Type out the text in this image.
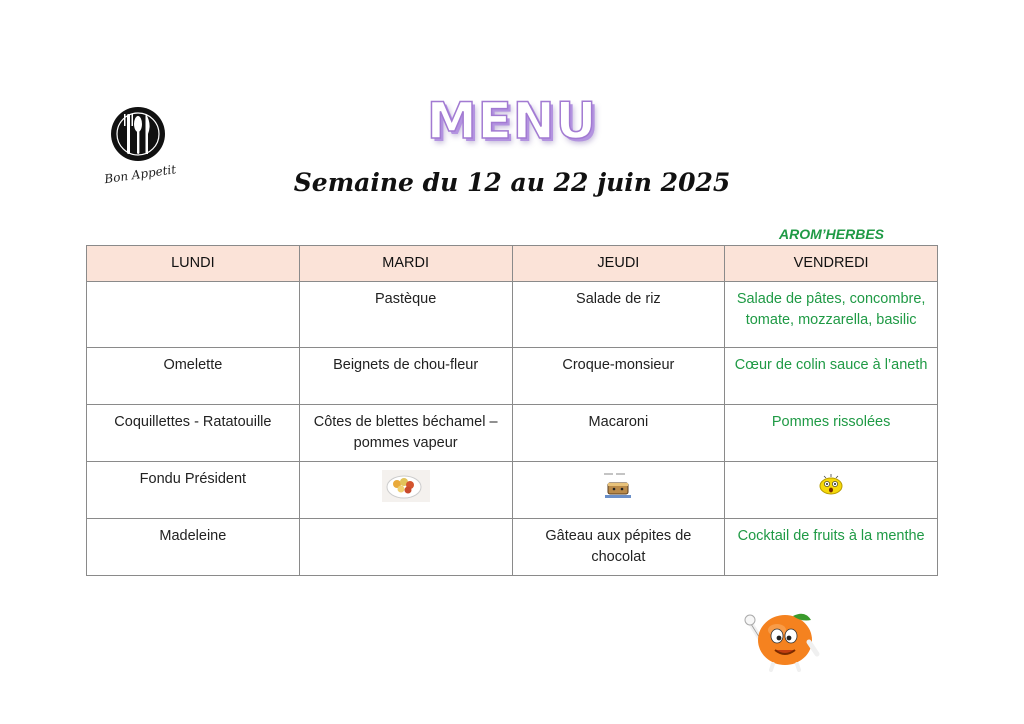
Bon Appetit
MENU
Semaine du 12 au 22 juin 2025
AROM’HERBES
LUNDI	MARDI	JEUDI	VENDREDI
	Pastèque	Salade de riz	Salade de pâtes, concombre, tomate, mozzarella, basilic
Omelette	Beignets de chou-fleur	Croque-monsieur	Cœur de colin sauce à l’aneth
Coquillettes - Ratatouille	Côtes de blettes béchamel – pommes vapeur	Macaroni	Pommes rissolées
Fondu Président			
Madeleine		Gâteau aux pépites de chocolat	Cocktail de fruits à la menthe
